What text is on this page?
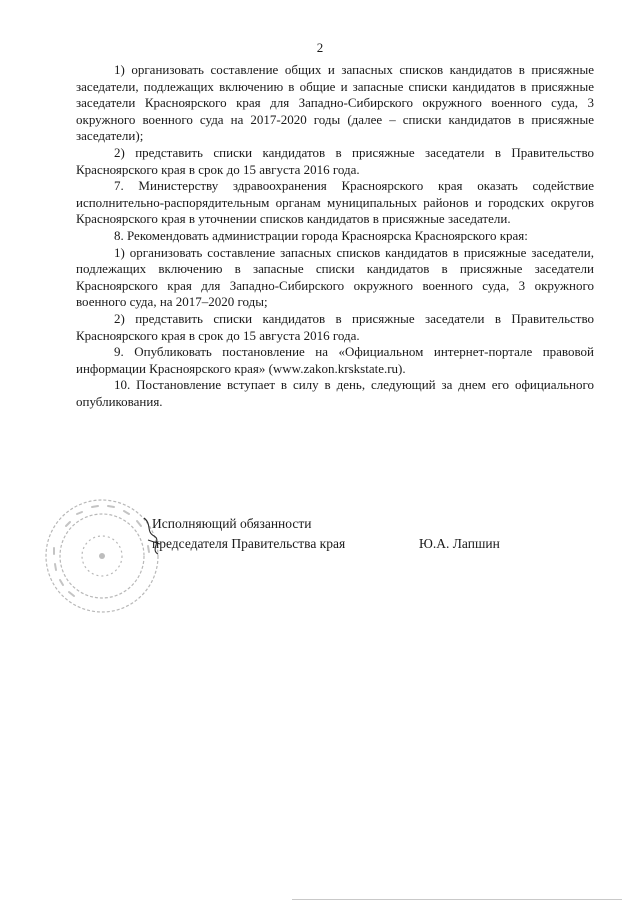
2

1) организовать составление общих и запасных списков кандидатов в присяжные заседатели, подлежащих включению в общие и запасные списки кандидатов в присяжные заседатели Красноярского края для Западно-Сибирского окружного военного суда, 3 окружного военного суда на 2017-2020 годы (далее – списки кандидатов в присяжные заседатели);

2) представить списки кандидатов в присяжные заседатели в Правительство Красноярского края в срок до 15 августа 2016 года.

7. Министерству здравоохранения Красноярского края оказать содействие исполнительно-распорядительным органам муниципальных районов и городских округов Красноярского края в уточнении списков кандидатов в присяжные заседатели.

8. Рекомендовать администрации города Красноярска Красноярского края:

1) организовать составление запасных списков кандидатов в присяжные заседатели, подлежащих включению в запасные списки кандидатов в присяжные заседатели Красноярского края для Западно-Сибирского окружного военного суда, 3 окружного военного суда, на 2017–2020 годы;

2) представить списки кандидатов в присяжные заседатели в Правительство Красноярского края в срок до 15 августа 2016 года.

9. Опубликовать постановление на «Официальном интернет-портале правовой информации Красноярского края» (www.zakon.krskstate.ru).

10. Постановление вступает в силу в день, следующий за днем его официального опубликования.

Исполняющий обязанности
председателя Правительства края	Ю.А. Лапшин
